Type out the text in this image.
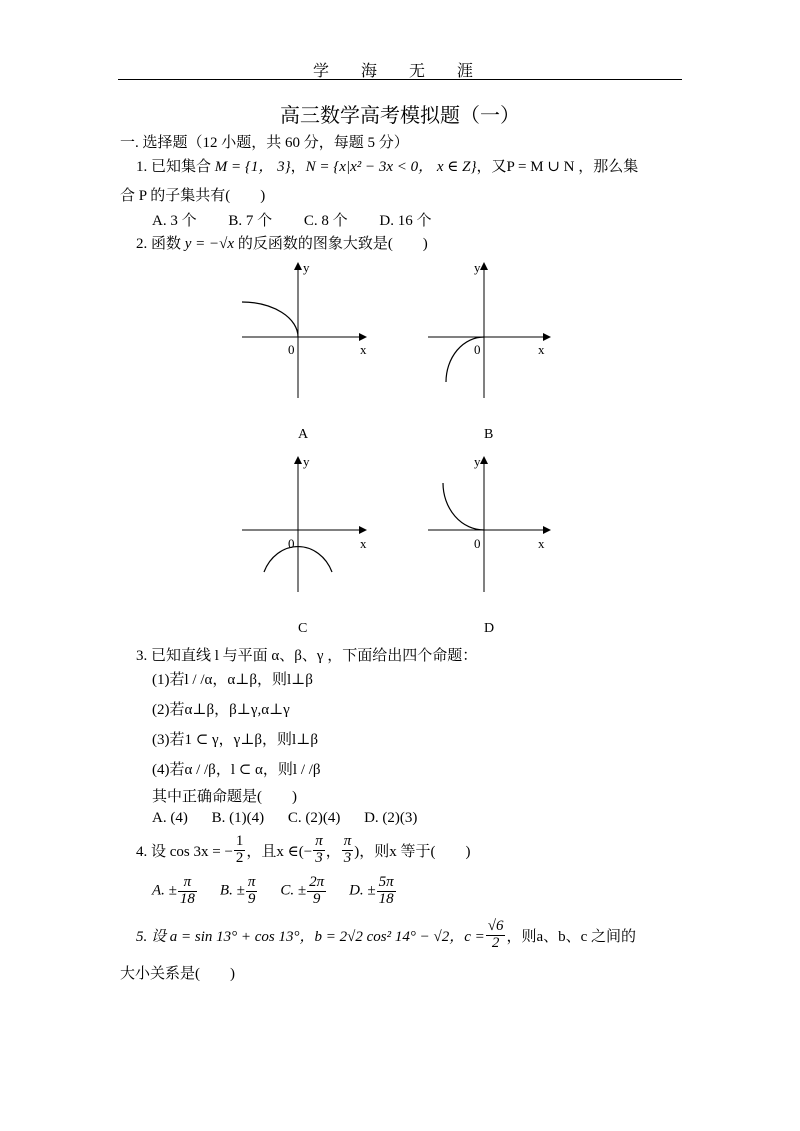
学 海 无 涯
高三数学高考模拟题（一）
一. 选择题（12 小题，共 60 分，每题 5 分）
1. 已知集合 M = {1， 3}，N = {x|x² − 3x < 0， x ∈ Z}，又P = M ∪ N ，那么集
合 P 的子集共有(　　)
A. 3 个 B. 7 个 C. 8 个 D. 16 个
2. 函数 y = −√x 的反函数的图象大致是(　　)
y
x
0
A
y
x
0
B
y
x
0
C
y
x
0
D
3. 已知直线 l 与平面 α、β、γ ，下面给出四个命题：
(1)若l / /α，α⊥β，则l⊥β
(2)若α⊥β，β⊥γ,α⊥γ
(3)若1 ⊂ γ，γ⊥β，则l⊥β
(4)若α / /β，l ⊂ α，则l / /β
其中正确命题是(　　)
A. (4) B. (1)(4) C. (2)(4) D. (2)(3)
4. 设 cos 3x = − $\frac{1}{2}$ ，且x ∈(− $\frac{\pi}{3}$ ， $\frac{\pi}{3}$ )，则x 等于(　　)
A. ± $\frac{\pi}{18} B$. ± $\frac{\pi}{9} C$. ± $\frac{2\pi}{9} D$. ± $\frac{5\pi}{18}$
5. 设 a = sin 13° + cos 13°，b = 2√2 cos² 14° − √2，$c = \frac{√6}{2}$ ，则a、b、c 之间的
大小关系是(　　)
